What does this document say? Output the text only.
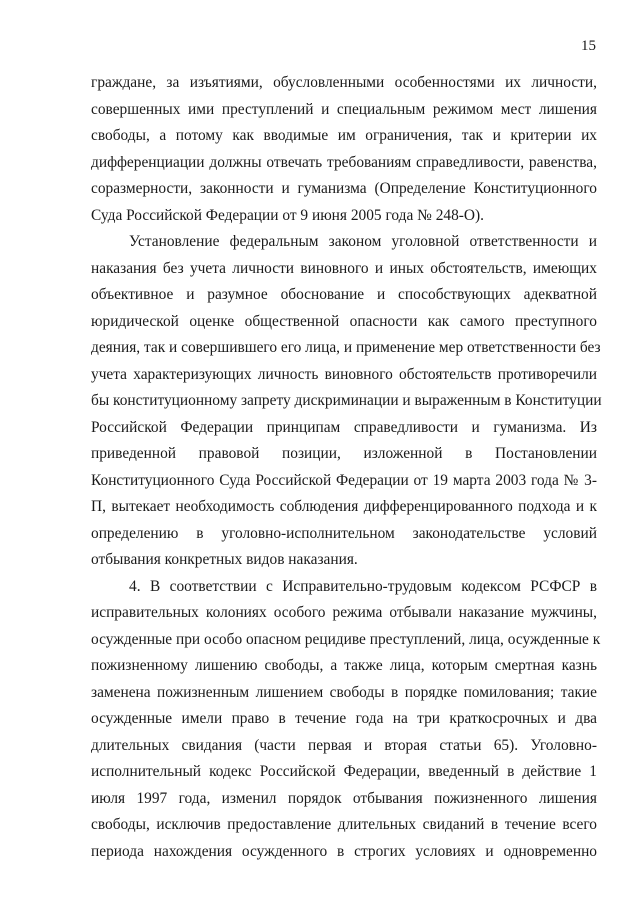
15
граждане, за изъятиями, обусловленными особенностями их личности,
совершенных ими преступлений и специальным режимом мест лишения
свободы, а потому как вводимые им ограничения, так и критерии их
дифференциации должны отвечать требованиям справедливости, равенства,
соразмерности, законности и гуманизма (Определение Конституционного
Суда Российской Федерации от 9 июня 2005 года № 248-О).
Установление федеральным законом уголовной ответственности и
наказания без учета личности виновного и иных обстоятельств, имеющих
объективное и разумное обоснование и способствующих адекватной
юридической оценке общественной опасности как самого преступного
деяния, так и совершившего его лица, и применение мер ответственности без
учета характеризующих личность виновного обстоятельств противоречили
бы конституционному запрету дискриминации и выраженным в Конституции
Российской Федерации принципам справедливости и гуманизма. Из
приведенной правовой позиции, изложенной в Постановлении
Конституционного Суда Российской Федерации от 19 марта 2003 года № 3-
П, вытекает необходимость соблюдения дифференцированного подхода и к
определению в уголовно-исполнительном законодательстве условий
отбывания конкретных видов наказания.
4. В соответствии с Исправительно-трудовым кодексом РСФСР в
исправительных колониях особого режима отбывали наказание мужчины,
осужденные при особо опасном рецидиве преступлений, лица, осужденные к
пожизненному лишению свободы, а также лица, которым смертная казнь
заменена пожизненным лишением свободы в порядке помилования; такие
осужденные имели право в течение года на три краткосрочных и два
длительных свидания (части первая и вторая статьи 65). Уголовно-
исполнительный кодекс Российской Федерации, введенный в действие 1
июля 1997 года, изменил порядок отбывания пожизненного лишения
свободы, исключив предоставление длительных свиданий в течение всего
периода нахождения осужденного в строгих условиях и одновременно
